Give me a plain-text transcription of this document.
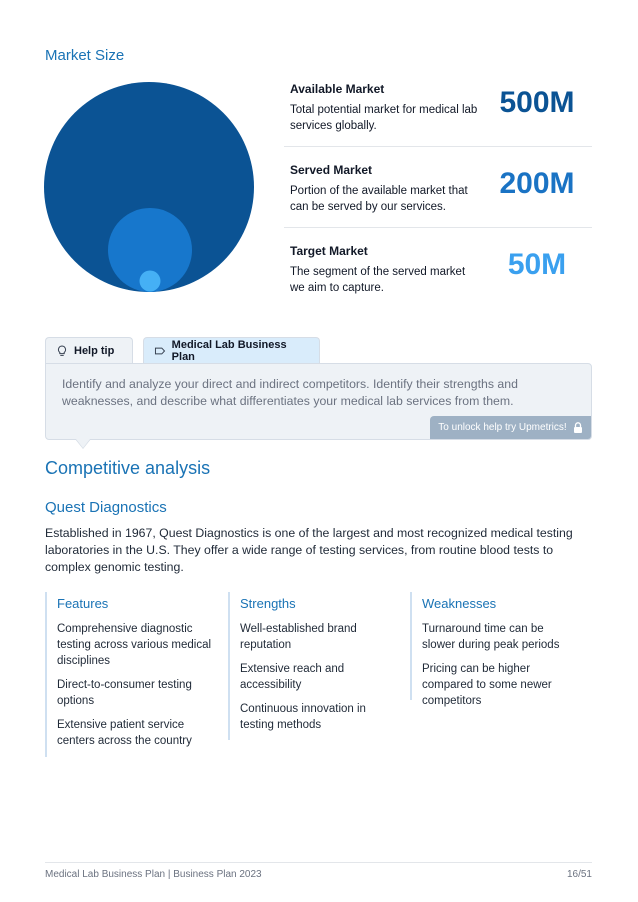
Market Size
Available Market
Total potential market for medical lab services globally.
500M
Served Market
Portion of the available market that can be served by our services.
200M
Target Market
The segment of the served market we aim to capture.
50M
Help tip	Medical Lab Business Plan
Identify and analyze your direct and indirect competitors. Identify their strengths and weaknesses, and describe what differentiates your medical lab services from them.
To unlock help try Upmetrics!
Competitive analysis
Quest Diagnostics
Established in 1967, Quest Diagnostics is one of the largest and most recognized medical testing laboratories in the U.S. They offer a wide range of testing services, from routine blood tests to complex genomic testing.
Features
Comprehensive diagnostic testing across various medical disciplines
Direct-to-consumer testing options
Extensive patient service centers across the country
Strengths
Well-established brand reputation
Extensive reach and accessibility
Continuous innovation in testing methods
Weaknesses
Turnaround time can be slower during peak periods
Pricing can be higher compared to some newer competitors
Medical Lab Business Plan | Business Plan 2023	16/51
